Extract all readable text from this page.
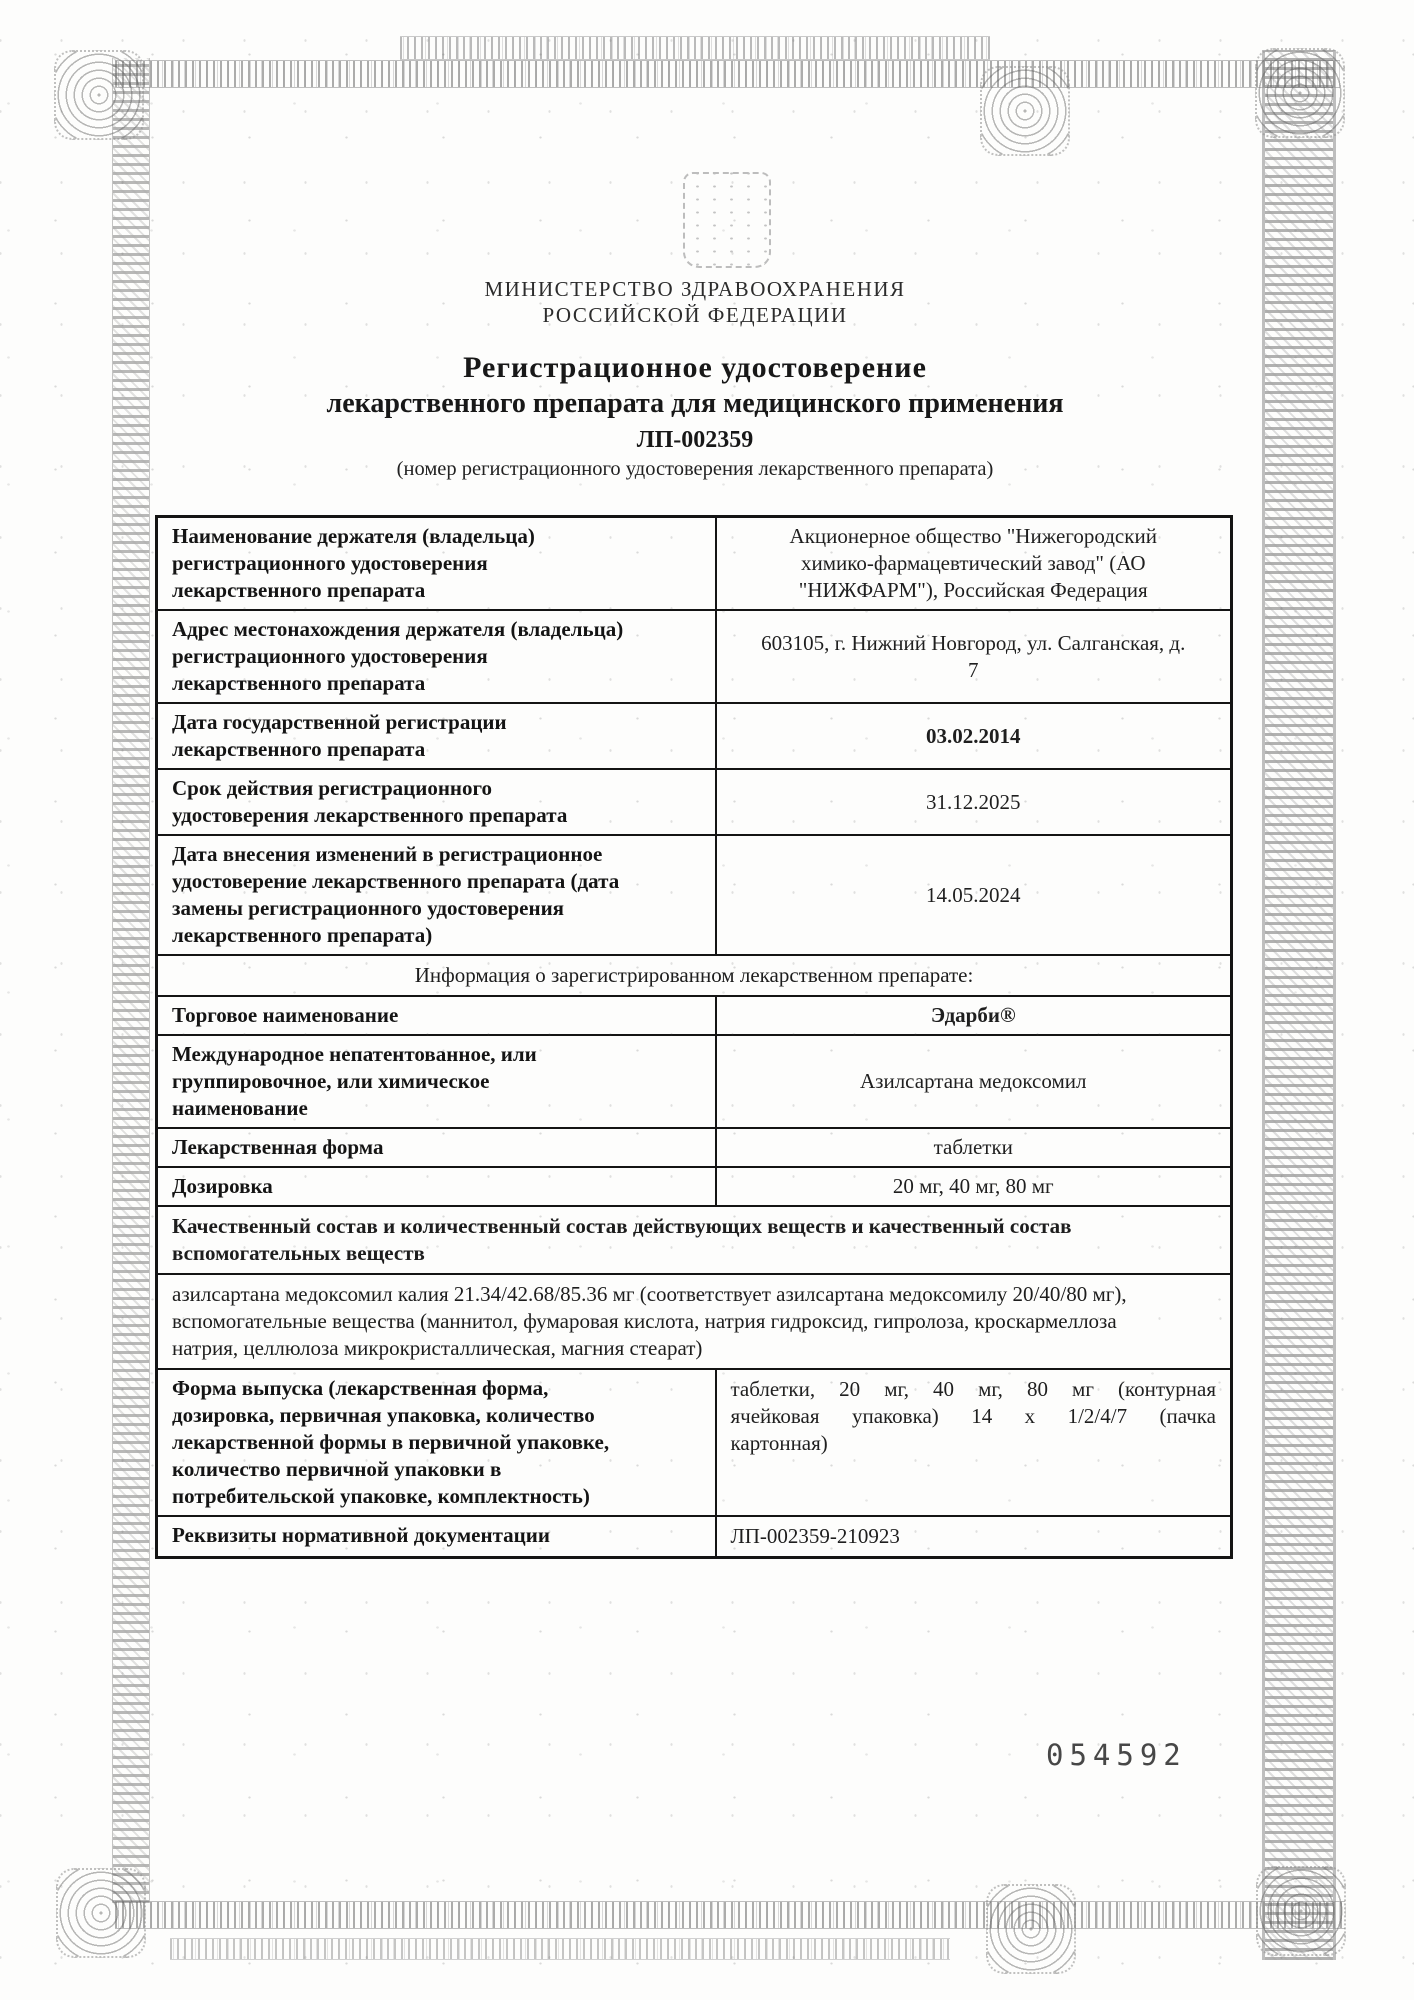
МИНИСТЕРСТВО ЗДРАВООХРАНЕНИЯ
РОССИЙСКОЙ ФЕДЕРАЦИИ
Регистрационное удостоверение
лекарственного препарата для медицинского применения
ЛП-002359
(номер регистрационного удостоверения лекарственного препарата)
Наименование держателя (владельца) регистрационного удостоверения лекарственного препарата	Акционерное общество "Нижегородский химико-фармацевтический завод" (АО "НИЖФАРМ"), Российская Федерация
Адрес местонахождения держателя (владельца) регистрационного удостоверения лекарственного препарата	603105, г. Нижний Новгород, ул. Салганская, д. 7
Дата государственной регистрации лекарственного препарата	03.02.2014
Срок действия регистрационного удостоверения лекарственного препарата	31.12.2025
Дата внесения изменений в регистрационное удостоверение лекарственного препарата (дата замены регистрационного удостоверения лекарственного препарата)	14.05.2024
Информация о зарегистрированном лекарственном препарате:	
Торговое наименование	Эдарби®
Международное непатентованное, или группировочное, или химическое наименование	Азилсартана медоксомил
Лекарственная форма	таблетки
Дозировка	20 мг, 40 мг, 80 мг
Качественный состав и количественный состав действующих веществ и качественный состав вспомогательных веществ	
азилсартана медоксомил калия 21.34/42.68/85.36 мг (соответствует азилсартана медоксомилу 20/40/80 мг), вспомогательные вещества (маннитол, фумаровая кислота, натрия гидроксид, гипролоза, кроскармеллоза натрия, целлюлоза микрокристаллическая, магния стеарат)	
Форма выпуска (лекарственная форма, дозировка, первичная упаковка, количество лекарственной формы в первичной упаковке, количество первичной упаковки в потребительской упаковке, комплектность)	таблетки, 20 мг, 40 мг, 80 мг (контурная ячейковая упаковка) 14 х 1/2/4/7 (пачка картонная)
Реквизиты нормативной документации	ЛП-002359-210923
054592
